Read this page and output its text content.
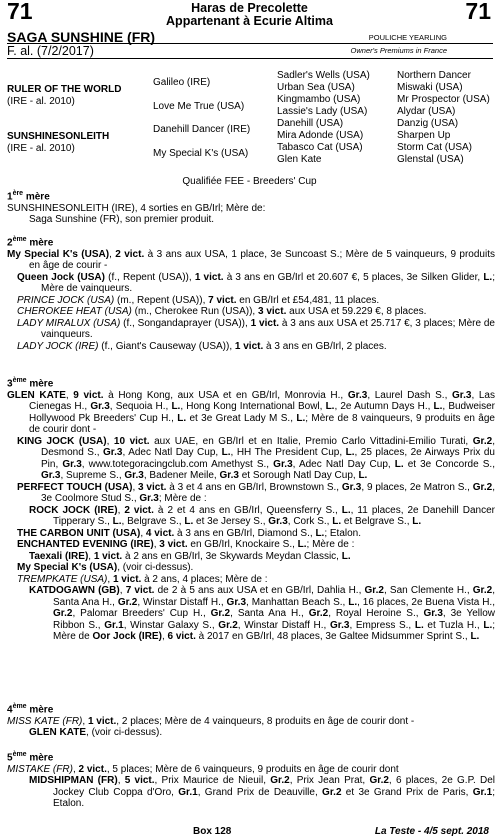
71	71
Haras de Precolette
Appartenant à Ecurie Altima
SAGA SUNSHINE (FR)
F. al. (7/2/2017)
POULICHE YEARLING
Owner's Premiums in France
RULER OF THE WORLD
(IRE - al. 2010)
SUNSHINESONLEITH
(IRE - al. 2010)
Galileo (IRE)
Love Me True (USA)
Danehill Dancer (IRE)
My Special K's (USA)
Sadler's Wells (USA)
Urban Sea (USA)
Kingmambo (USA)
Lassie's Lady (USA)
Danehill (USA)
Mira Adonde (USA)
Tabasco Cat (USA)
Glen Kate
Northern Dancer
Miswaki (USA)
Mr Prospector (USA)
Alydar (USA)
Danzig (USA)
Sharpen Up
Storm Cat (USA)
Glenstal (USA)
Qualifiée FEE - Breeders' Cup

1ère mère

SUNSHINESONLEITH (IRE), 4 sorties en GB/Irl; Mère de:

Saga Sunshine (FR), son premier produit.

2ème mère

My Special K's (USA), 2 vict. à 3 ans aux USA, 1 place, 3e Suncoast S.; Mère de 5 vainqueurs, 9 produits en âge de courir -

Queen Jock (USA) (f., Repent (USA)), 1 vict. à 3 ans en GB/Irl et 20.607 €, 5 places, 3e Silken Glider, L.; Mère de vainqueurs.

PRINCE JOCK (USA) (m., Repent (USA)), 7 vict. en GB/Irl et £54,481, 11 places.

CHEROKEE HEAT (USA) (m., Cherokee Run (USA)), 3 vict. aux USA et 59.229 €, 8 places.

LADY MIRALUX (USA) (f., Songandaprayer (USA)), 1 vict. à 3 ans aux USA et 25.717 €, 3 places; Mère de vainqueurs.

LADY JOCK (IRE) (f., Giant's Causeway (USA)), 1 vict. à 3 ans en GB/Irl, 2 places.

3ème mère

GLEN KATE, 9 vict. à Hong Kong, aux USA et en GB/Irl, Monrovia H., Gr.3, Laurel Dash S., Gr.3, Las Cienegas H., Gr.3, Sequoia H., L., Hong Kong International Bowl, L., 2e Autumn Days H., L., Budweiser Hollywood Pk Breeders' Cup H., L. et 3e Great Lady M S., L.; Mère de 8 vainqueurs, 9 produits en âge de courir dont -

KING JOCK (USA), 10 vict. aux UAE, en GB/Irl et en Italie, Premio Carlo Vittadini-Emilio Turati, Gr.2, Desmond S., Gr.3, Adec Natl Day Cup, L., HH The President Cup, L., 25 places, 2e Airways Prix du Pin, Gr.3, www.totegoracingclub.com Amethyst S., Gr.3, Adec Natl Day Cup, L. et 3e Concorde S., Gr.3, Supreme S., Gr.3, Badener Meile, Gr.3 et Sorough Natl Day Cup, L.

PERFECT TOUCH (USA), 3 vict. à 3 et 4 ans en GB/Irl, Brownstown S., Gr.3, 9 places, 2e Matron S., Gr.2, 3e Coolmore Stud S., Gr.3; Mère de :

ROCK JOCK (IRE), 2 vict. à 2 et 4 ans en GB/Irl, Queensferry S., L., 11 places, 2e Danehill Dancer Tipperary S., L., Belgrave S., L. et 3e Jersey S., Gr.3, Cork S., L. et Belgrave S., L.

THE CARBON UNIT (USA), 4 vict. à 3 ans en GB/Irl, Diamond S., L.; Etalon.

ENCHANTED EVENING (IRE), 3 vict. en GB/Irl, Knockaire S., L.; Mère de :

Taexali (IRE), 1 vict. à 2 ans en GB/Irl, 3e Skywards Meydan Classic, L.

My Special K's (USA), (voir ci-dessus).

TREMPKATE (USA), 1 vict. à 2 ans, 4 places; Mère de :

KATDOGAWN (GB), 7 vict. de 2 à 5 ans aux USA et en GB/Irl, Dahlia H., Gr.2, San Clemente H., Gr.2, Santa Ana H., Gr.2, Winstar Distaff H., Gr.3, Manhattan Beach S., L., 16 places, 2e Buena Vista H., Gr.2, Palomar Breeders' Cup H., Gr.2, Santa Ana H., Gr.2, Royal Heroine S., Gr.3, 3e Yellow Ribbon S., Gr.1, Winstar Galaxy S., Gr.2, Winstar Distaff H., Gr.3, Empress S., L. et Tuzla H., L.; Mère de Oor Jock (IRE), 6 vict. à 2017 en GB/Irl, 48 places, 3e Galtee Midsummer Sprint S., L.

4ème mère

MISS KATE (FR), 1 vict., 2 places; Mère de 4 vainqueurs, 8 produits en âge de courir dont -

GLEN KATE, (voir ci-dessus).

5ème mère

MISTAKE (FR), 2 vict., 5 places; Mère de 6 vainqueurs, 9 produits en âge de courir dont

MIDSHIPMAN (FR), 5 vict., Prix Maurice de Nieuil, Gr.2, Prix Jean Prat, Gr.2, 6 places, 2e G.P. Del Jockey Club Coppa d'Oro, Gr.1, Grand Prix de Deauville, Gr.2 et 3e Grand Prix de Paris, Gr.1; Etalon.

Box 128	La Teste - 4/5 sept. 2018
